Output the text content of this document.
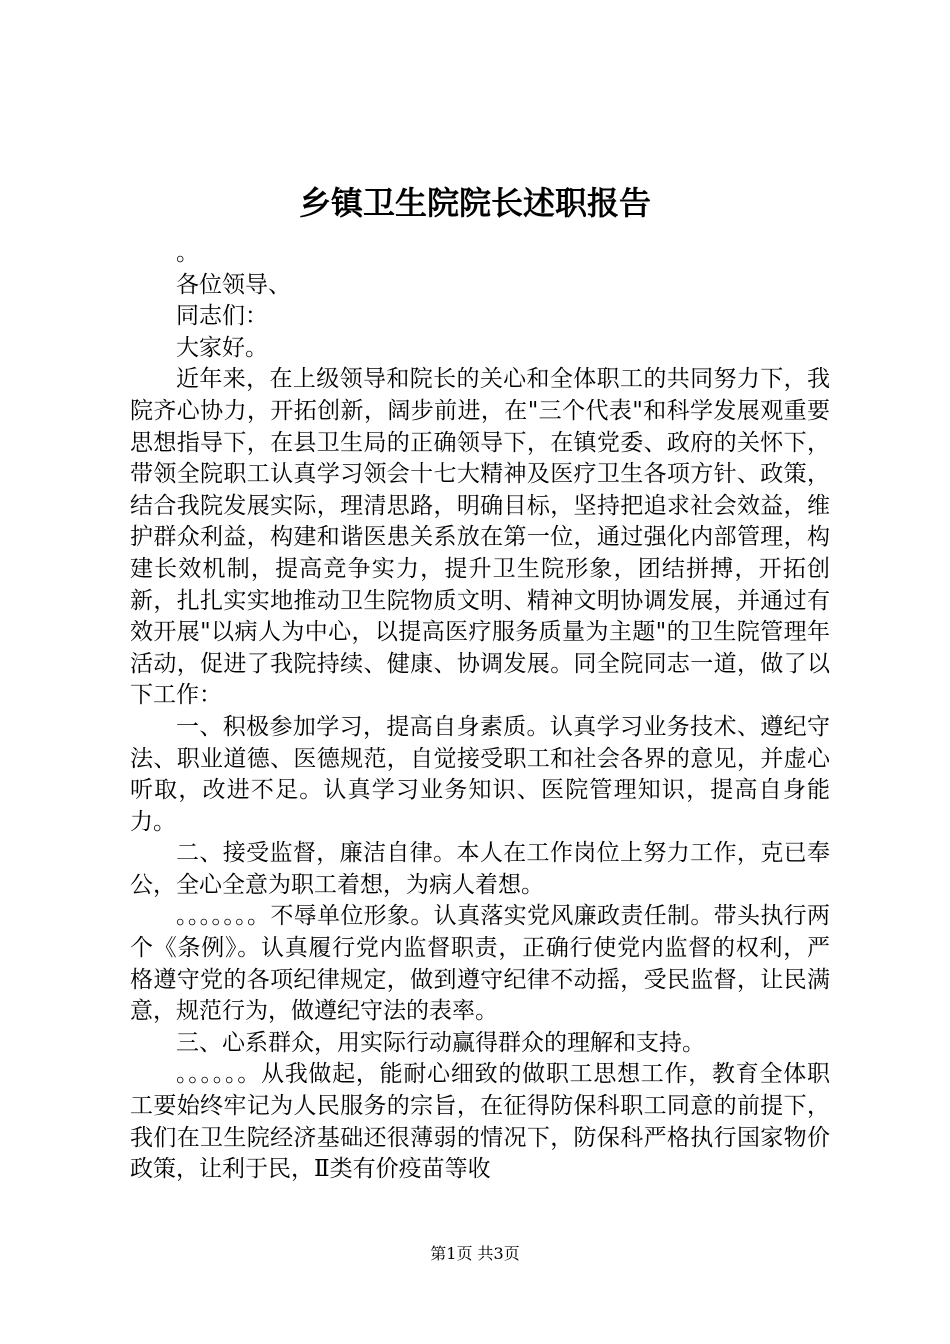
乡镇卫生院院长述职报告

。

各位领导、

同志们：

大家好。

近年来，在上级领导和院长的关心和全体职工的共同努力下，我院齐心协力，开拓创新，阔步前进，在"三个代表"和科学发展观重要思想指导下，在县卫生局的正确领导下，在镇党委、政府的关怀下，带领全院职工认真学习领会十七大精神及医疗卫生各项方针、政策，结合我院发展实际，理清思路，明确目标，坚持把追求社会效益，维护群众利益，构建和谐医患关系放在第一位，通过强化内部管理，构建长效机制，提高竞争实力，提升卫生院形象，团结拼搏，开拓创新，扎扎实实地推动卫生院物质文明、精神文明协调发展，并通过有效开展"以病人为中心，以提高医疗服务质量为主题"的卫生院管理年活动，促进了我院持续、健康、协调发展。同全院同志一道，做了以下工作：

一、积极参加学习，提高自身素质。认真学习业务技术、遵纪守法、职业道德、医德规范，自觉接受职工和社会各界的意见，并虚心听取，改进不足。认真学习业务知识、医院管理知识，提高自身能力。

二、接受监督，廉洁自律。本人在工作岗位上努力工作，克已奉公，全心全意为职工着想，为病人着想。

。。。。。。。不辱单位形象。认真落实党风廉政责任制。带头执行两个《条例》。认真履行党内监督职责，正确行使党内监督的权利，严格遵守党的各项纪律规定，做到遵守纪律不动摇，受民监督，让民满意，规范行为，做遵纪守法的表率。

三、心系群众，用实际行动赢得群众的理解和支持。

。。。。。。从我做起，能耐心细致的做职工思想工作，教育全体职工要始终牢记为人民服务的宗旨，在征得防保科职工同意的前提下，我们在卫生院经济基础还很薄弱的情况下，防保科严格执行国家物价政策，让利于民，Ⅱ类有价疫苗等收

第1页 共3页
